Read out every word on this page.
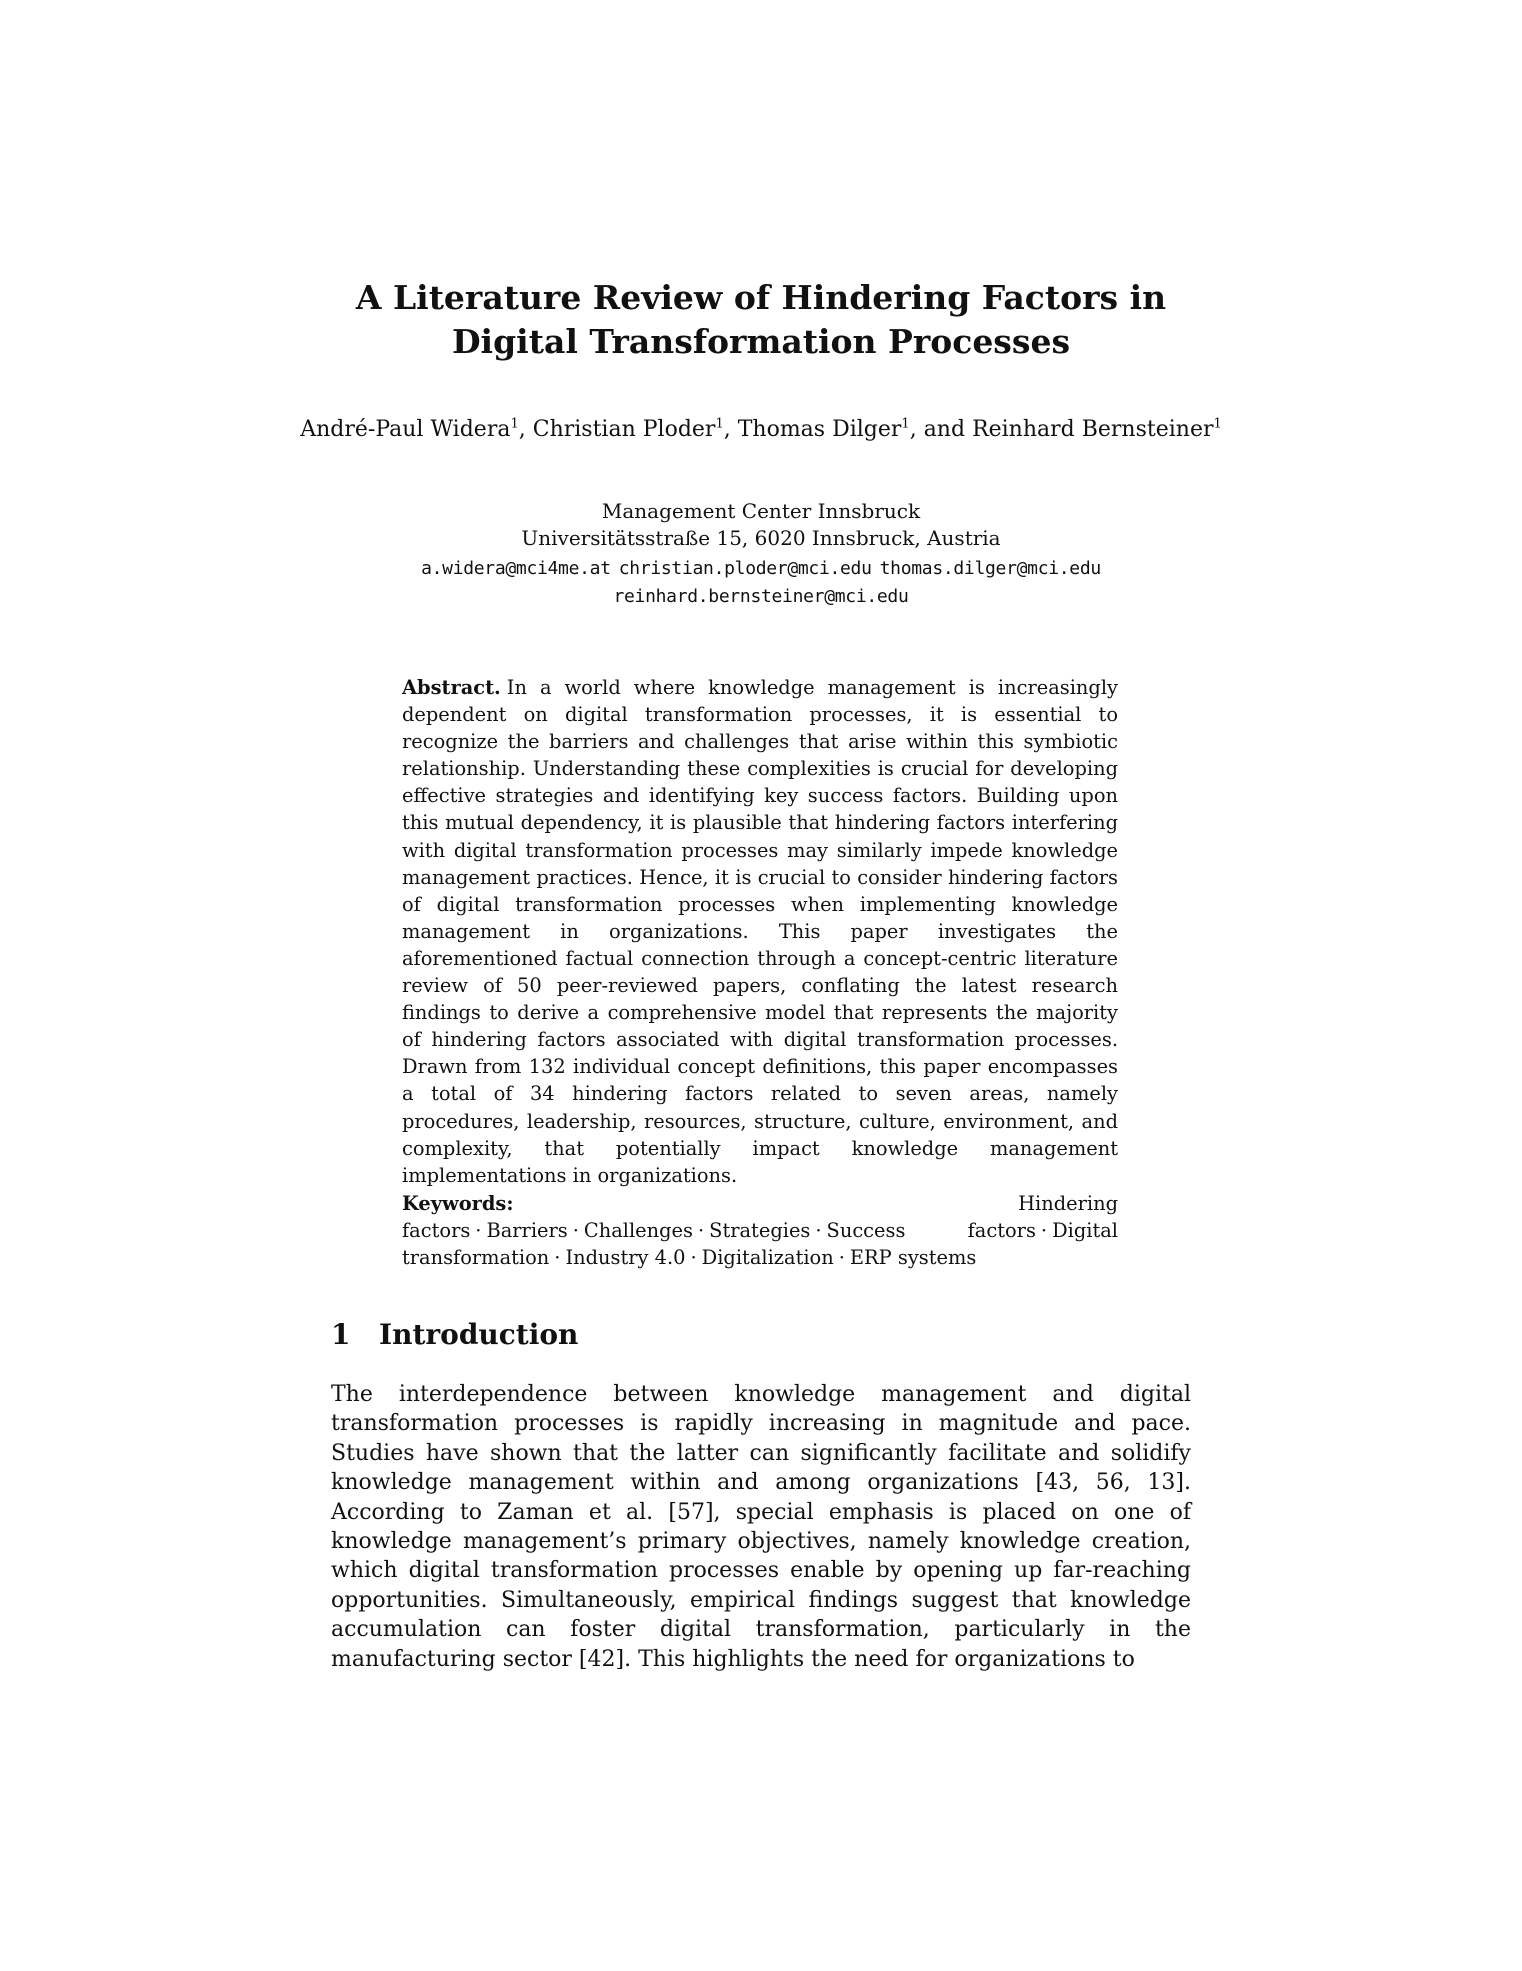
A Literature Review of Hindering Factors in
Digital Transformation Processes
André-Paul Widera$^1$, Christian Ploder$^1$, Thomas Dilger$^1$, and Reinhard Bernsteiner$^1$
Management Center Innsbruck
Universitätsstraße 15, 6020 Innsbruck, Austria
a.widera@mci4me.at christian.ploder@mci.edu thomas.dilger@mci.edu
reinhard.bernsteiner@mci.edu
Abstract. In a world where knowledge management is increasingly dependent on digital transformation processes, it is essential to recognize the barriers and challenges that arise within this symbiotic relationship. Understanding these complexities is crucial for developing effective strategies and identifying key success factors. Building upon this mutual dependency, it is plausible that hindering factors interfering with digital transformation processes may similarly impede knowledge management practices. Hence, it is crucial to consider hindering factors of digital transformation processes when implementing knowledge management in organizations. This paper investigates the aforementioned factual connection through a concept-centric literature review of 50 peer-reviewed papers, conflating the latest research findings to derive a comprehensive model that represents the majority of hindering factors associated with digital transformation processes. Drawn from 132 individual concept definitions, this paper encompasses a total of 34 hindering factors related to seven areas, namely procedures, leadership, resources, structure, culture, environment, and complexity, that potentially impact knowledge management implementations in organizations.
Keywords:	Hindering factors · Barriers · Challenges · Strategies · Success factors · Digital transformation · Industry 4.0 · Digitalization · ERP systems
1 Introduction

The interdependence between knowledge management and digital transformation processes is rapidly increasing in magnitude and pace. Studies have shown that the latter can significantly facilitate and solidify knowledge management within and among organizations [43, 56, 13]. According to Zaman et al. [57], special emphasis is placed on one of knowledge management’s primary objectives, namely knowledge creation, which digital transformation processes enable by opening up far-reaching opportunities. Simultaneously, empirical findings suggest that knowledge accumulation can foster digital transformation, particularly in the manufacturing sector [42]. This highlights the need for organizations to
